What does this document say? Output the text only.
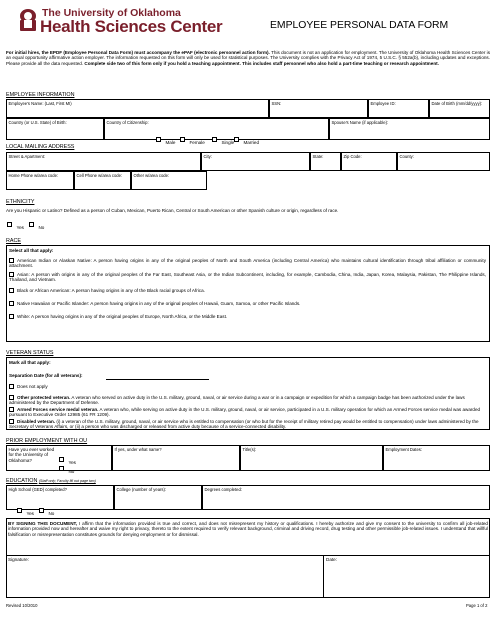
The University of Oklahoma
Health Sciences Center	EMPLOYEE PERSONAL DATA FORM
For initial hires, the EPDF (Employee Personal Data Form) must accompany the ePAF (electronic personnel action form). This document is not an application for employment. The University of Oklahoma Health Sciences Center is an equal opportunity affirmative action employer. The information requested on this form will only be used for statistical purposes. The University complies with the Privacy Act of 1974, 5 U.S.C. § 552a(b), including updates and exceptions. Please provide all the data requested. Complete side two of this form only if you hold a teaching appointment. This includes staff personnel who also hold a part-time teaching or research appointment.
EMPLOYEE INFORMATION
Employee's Name: (Last, First MI)	SSN:	Employee ID:	Date of Birth (mm/dd/yyyy):
Country (or U.S. State) of Birth:	Country of Citizenship:
Male	Female	Single	Married
Spouse's Name (if applicable):
LOCAL MAILING ADDRESS
Street & Apartment:	City:	State:	Zip Code:	County:
Home Phone w/area code:	Cell Phone w/area code:	Other w/area code:
ETHNICITY
Are you Hispanic or Latino? Defined as a person of Cuban, Mexican, Puerto Rican, Central or South American or other Spanish culture or origin, regardless of race.
Yes	No
RACE
Select all that apply:
American Indian or Alaskan Native: A person having origins in any of the original peoples of North and South America (including Central America) who maintains cultural identification through tribal affiliation or community attachment.
Asian: A person with origins in any of the original peoples of the Far East, Southeast Asia, or the Indian Subcontinent, including, for example, Cambodia, China, India, Japan, Korea, Malaysia, Pakistan, The Philippine Islands, Thailand, and Vietnam.
Black or African American: A person having origins in any of the Black racial groups of Africa.
Native Hawaiian or Pacific Islander: A person having origins in any of the original peoples of Hawaii, Guam, Samoa, or other Pacific Islands.
White: A person having origins in any of the original peoples of Europe, North Africa, or the Middle East.
VETERAN STATUS
Mark all that apply:
Separation Date (for all veterans):
Does not apply
Other protected veteran. A veteran who served on active duty in the U.S. military, ground, naval, or air service during a war or in a campaign or expedition for which a campaign badge has been authorized under the laws administered by the Department of Defense.
Armed Forces service medal veteran. A veteran who, while serving on active duty in the U.S. military, ground, naval, or air service, participated in a U.S. military operation for which an Armed Forces service medal was awarded pursuant to Executive Order 12985 (61 FR 1209).
Disabled veteran. (i) a veteran of the U.S. military, ground, naval, or air service who is entitled to compensation (or who but for the receipt of military retired pay would be entitled to compensation) under laws administered by the Secretary of Veterans Affairs, or (ii) a person who was discharged or released from active duty because of a service-connected disability.
PRIOR EMPLOYMENT WITH OU
Have you ever worked for the University of Oklahoma?	Yes
No
If yes, under what name?	Title(s):	Employment Dates:
EDUCATION (Staff only; Faculty fill out page two)
High School (GED) completed?
Yes	No
College (number of years):	Degrees completed:
BY SIGNING THIS DOCUMENT, I affirm that the information provided is true and correct, and does not misrepresent my history or qualifications. I hereby authorize and give my consent to the university to confirm all job-related information provided now and hereafter and waive my right to privacy, thereto to the extent required to verify relevant background, criminal and driving record, drug testing and other permissible job-related issues. I understand that willful falsification or misrepresentation constitutes grounds for denying employment or for dismissal.
Signature:	Date:
Revised 10/2010	Page 1 of 2
